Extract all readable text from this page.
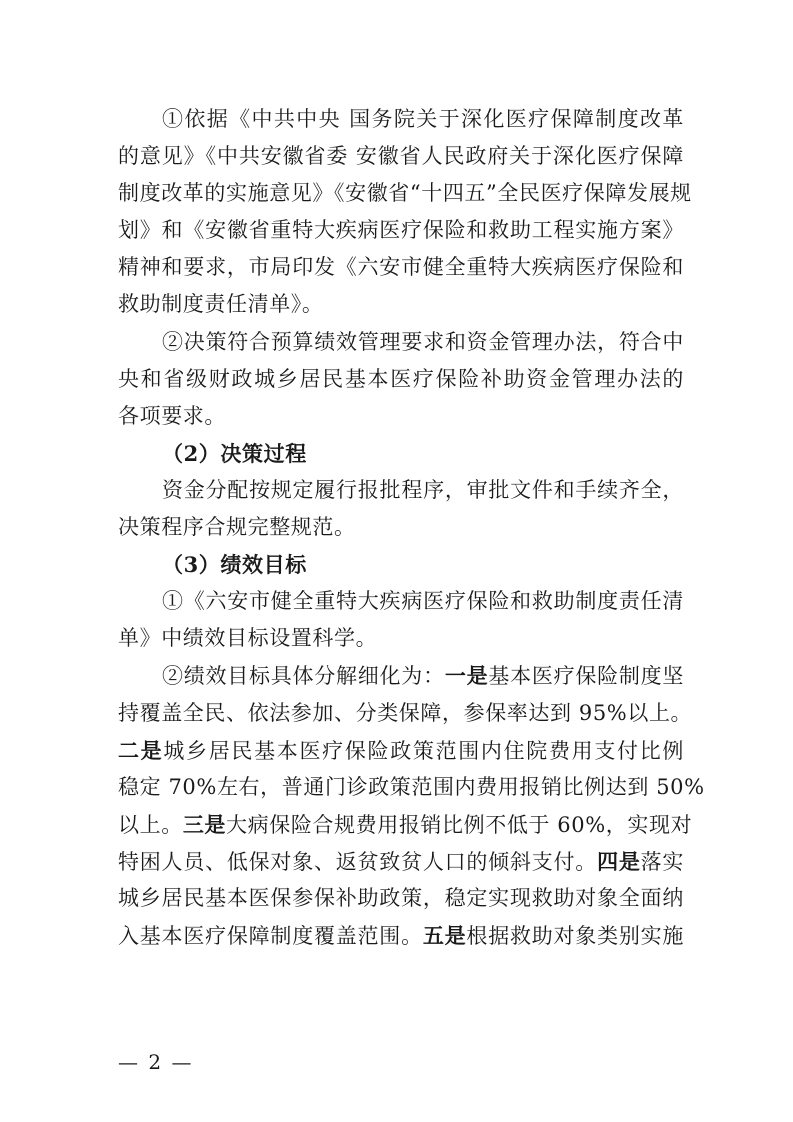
①依据《中共中央 国务院关于深化医疗保障制度改革
的意见》《中共安徽省委 安徽省人民政府关于深化医疗保障
制度改革的实施意见》《安徽省“十四五”全民医疗保障发展规
划》和《安徽省重特大疾病医疗保险和救助工程实施方案》
精神和要求，市局印发《六安市健全重特大疾病医疗保险和
救助制度责任清单》。
②决策符合预算绩效管理要求和资金管理办法，符合中
央和省级财政城乡居民基本医疗保险补助资金管理办法的
各项要求。
（2）决策过程
资金分配按规定履行报批程序，审批文件和手续齐全，
决策程序合规完整规范。
（3）绩效目标
①《六安市健全重特大疾病医疗保险和救助制度责任清
单》中绩效目标设置科学。
②绩效目标具体分解细化为：一是基本医疗保险制度坚
持覆盖全民、依法参加、分类保障，参保率达到 95%以上。
二是城乡居民基本医疗保险政策范围内住院费用支付比例
稳定 70%左右，普通门诊政策范围内费用报销比例达到 50%
以上。三是大病保险合规费用报销比例不低于 60%，实现对
特困人员、低保对象、返贫致贫人口的倾斜支付。四是落实
城乡居民基本医保参保补助政策，稳定实现救助对象全面纳
入基本医疗保障制度覆盖范围。五是根据救助对象类别实施
— 2 —
